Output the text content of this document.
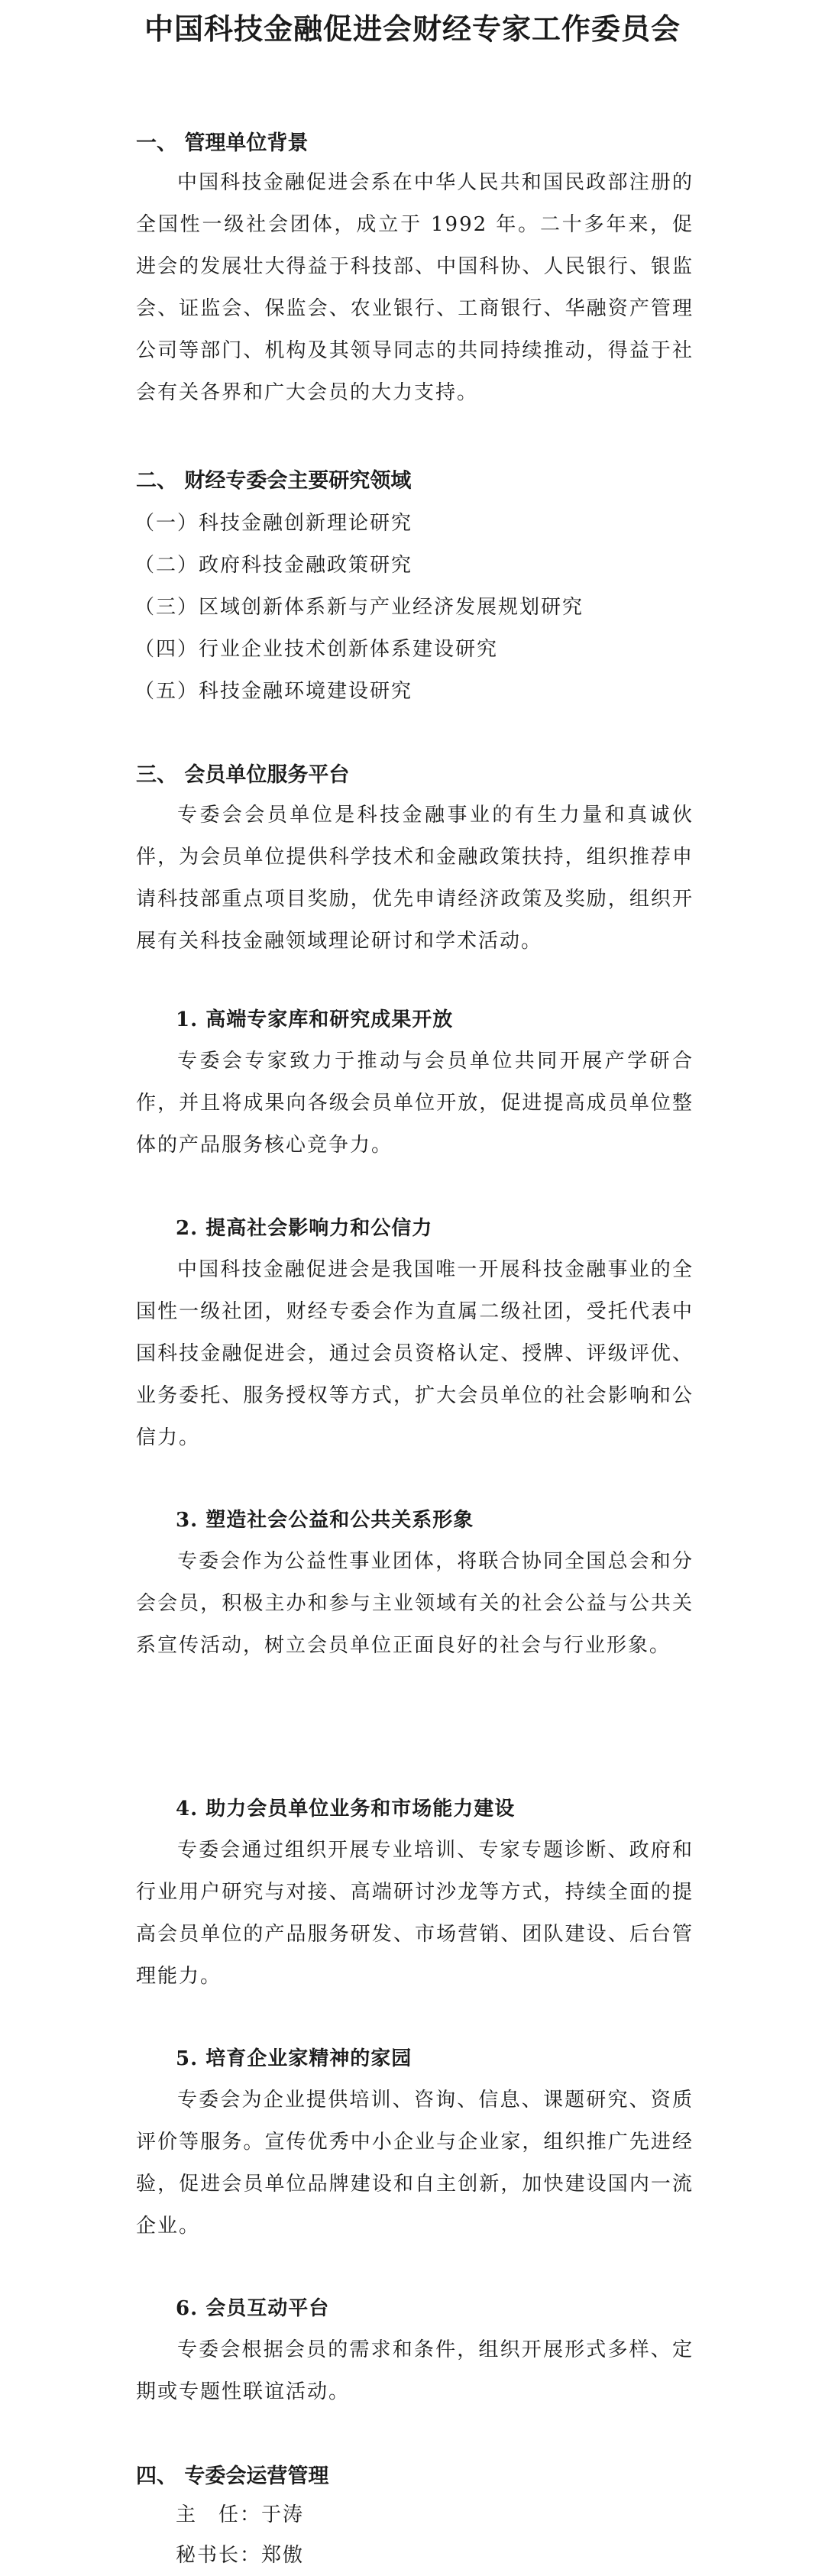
中国科技金融促进会财经专家工作委员会
一、 管理单位背景

中国科技金融促进会系在中华人民共和国民政部注册的全国性一级社会团体，成立于 1992 年。二十多年来，促进会的发展壮大得益于科技部、中国科协、人民银行、银监会、证监会、保监会、农业银行、工商银行、华融资产管理公司等部门、机构及其领导同志的共同持续推动，得益于社会有关各界和广大会员的大力支持。

二、 财经专委会主要研究领域
（一）科技金融创新理论研究
（二）政府科技金融政策研究
（三）区域创新体系新与产业经济发展规划研究
（四）行业企业技术创新体系建设研究
（五）科技金融环境建设研究
三、 会员单位服务平台

专委会会员单位是科技金融事业的有生力量和真诚伙伴，为会员单位提供科学技术和金融政策扶持，组织推荐申请科技部重点项目奖励，优先申请经济政策及奖励，组织开展有关科技金融领域理论研讨和学术活动。

1. 高端专家库和研究成果开放

专委会专家致力于推动与会员单位共同开展产学研合作，并且将成果向各级会员单位开放，促进提高成员单位整体的产品服务核心竞争力。

2. 提高社会影响力和公信力

中国科技金融促进会是我国唯一开展科技金融事业的全国性一级社团，财经专委会作为直属二级社团，受托代表中国科技金融促进会，通过会员资格认定、授牌、评级评优、业务委托、服务授权等方式，扩大会员单位的社会影响和公信力。

3. 塑造社会公益和公共关系形象

专委会作为公益性事业团体，将联合协同全国总会和分会会员，积极主办和参与主业领域有关的社会公益与公共关系宣传活动，树立会员单位正面良好的社会与行业形象。

4. 助力会员单位业务和市场能力建设

专委会通过组织开展专业培训、专家专题诊断、政府和行业用户研究与对接、高端研讨沙龙等方式，持续全面的提高会员单位的产品服务研发、市场营销、团队建设、后台管理能力。

5. 培育企业家精神的家园

专委会为企业提供培训、咨询、信息、课题研究、资质评价等服务。宣传优秀中小企业与企业家，组织推广先进经验，促进会员单位品牌建设和自主创新，加快建设国内一流企业。

6. 会员互动平台

专委会根据会员的需求和条件，组织开展形式多样、定期或专题性联谊活动。

四、 专委会运营管理
主　任：于涛
秘书长：郑傲
